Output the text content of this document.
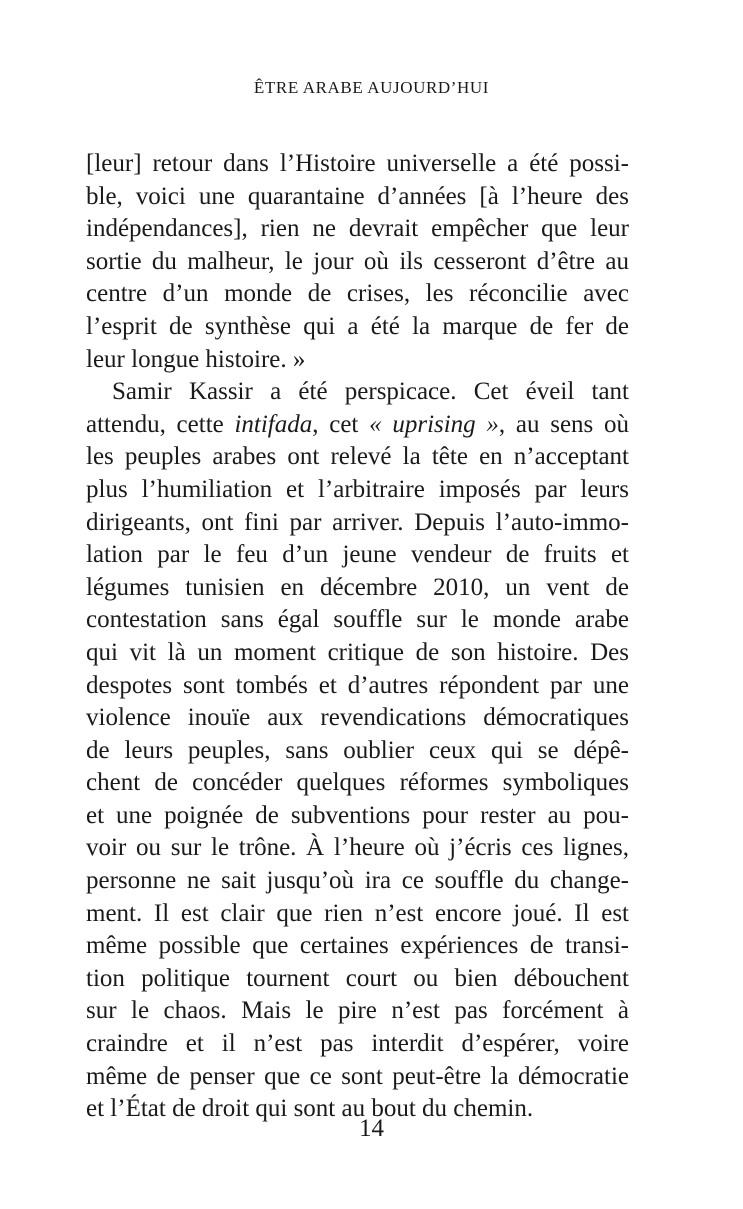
ÊTRE ARABE AUJOURD’HUI
[leur] retour dans l’Histoire universelle a été possi-
ble, voici une quarantaine d’années [à l’heure des
indépendances], rien ne devrait empêcher que leur
sortie du malheur, le jour où ils cesseront d’être au
centre d’un monde de crises, les réconcilie avec
l’esprit de synthèse qui a été la marque de fer de
leur longue histoire. »
Samir Kassir a été perspicace. Cet éveil tant
attendu, cette intifada, cet « uprising », au sens où
les peuples arabes ont relevé la tête en n’acceptant
plus l’humiliation et l’arbitraire imposés par leurs
dirigeants, ont fini par arriver. Depuis l’auto-immo-
lation par le feu d’un jeune vendeur de fruits et
légumes tunisien en décembre 2010, un vent de
contestation sans égal souffle sur le monde arabe
qui vit là un moment critique de son histoire. Des
despotes sont tombés et d’autres répondent par une
violence inouïe aux revendications démocratiques
de leurs peuples, sans oublier ceux qui se dépê-
chent de concéder quelques réformes symboliques
et une poignée de subventions pour rester au pou-
voir ou sur le trône. À l’heure où j’écris ces lignes,
personne ne sait jusqu’où ira ce souffle du change-
ment. Il est clair que rien n’est encore joué. Il est
même possible que certaines expériences de transi-
tion politique tournent court ou bien débouchent
sur le chaos. Mais le pire n’est pas forcément à
craindre et il n’est pas interdit d’espérer, voire
même de penser que ce sont peut-être la démocratie
et l’État de droit qui sont au bout du chemin.
14
